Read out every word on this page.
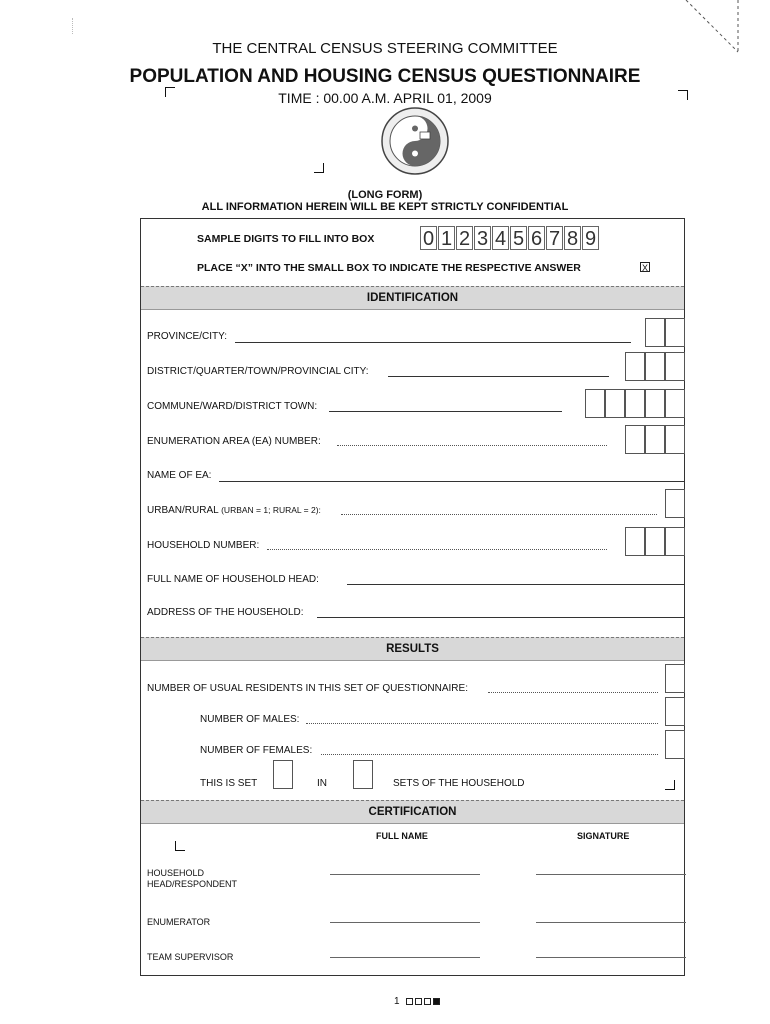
THE CENTRAL CENSUS STEERING COMMITTEE
POPULATION AND HOUSING CENSUS QUESTIONNAIRE
TIME : 00.00 A.M. APRIL 01, 2009
(LONG FORM)
ALL INFORMATION HEREIN WILL BE KEPT STRICTLY CONFIDENTIAL
SAMPLE DIGITS TO FILL INTO BOX 0 1 2 3 4 5 6 7 8 9
PLACE “X” INTO THE SMALL BOX TO INDICATE THE RESPECTIVE ANSWER	X
IDENTIFICATION
PROVINCE/CITY:
DISTRICT/QUARTER/TOWN/PROVINCIAL CITY:
COMMUNE/WARD/DISTRICT TOWN:
ENUMERATION AREA (EA) NUMBER:
NAME OF EA:
URBAN/RURAL (URBAN = 1; RURAL = 2):
HOUSEHOLD NUMBER:
FULL NAME OF HOUSEHOLD HEAD:
ADDRESS OF THE HOUSEHOLD:
RESULTS
NUMBER OF USUAL RESIDENTS IN THIS SET OF QUESTIONNAIRE:
NUMBER OF MALES:
NUMBER OF FEMALES:
THIS IS SET	IN	SETS OF THE HOUSEHOLD
CERTIFICATION
FULL NAME	SIGNATURE
HOUSEHOLD
HEAD/RESPONDENT
ENUMERATOR
TEAM SUPERVISOR
1
